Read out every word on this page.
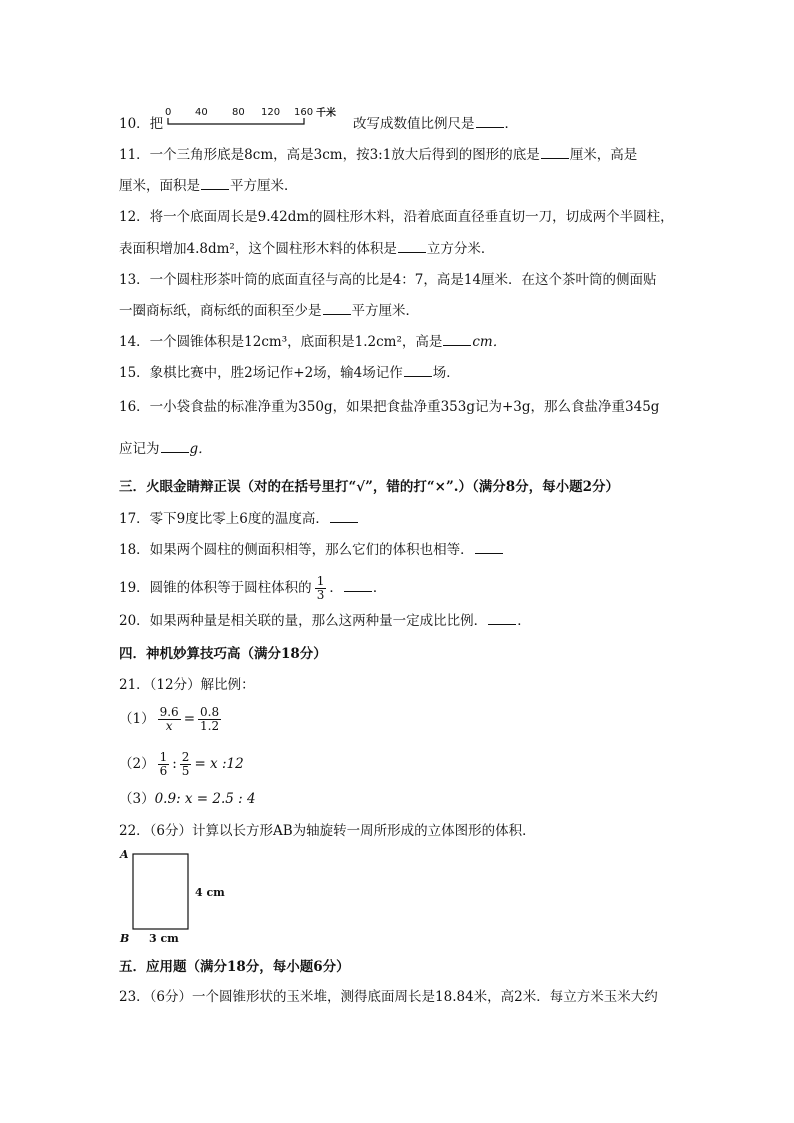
10．把
0 40 80 120 160 千米
改写成数值比例尺是 ．
11．一个三角形底是8cm，高是3cm，按3:1放大后得到的图形的底是 厘米，高是
厘米，面积是 平方厘米．
12．将一个底面周长是9.42dm的圆柱形木料，沿着底面直径垂直切一刀，切成两个半圆柱，
表面积增加4.8dm²，这个圆柱形木料的体积是 立方分米．
13．一个圆柱形茶叶筒的底面直径与高的比是4：7，高是14厘米．在这个茶叶筒的侧面贴
一圈商标纸，商标纸的面积至少是 平方厘米．
14．一个圆锥体积是12cm³，底面积是1.2cm²，高是 cm．
15．象棋比赛中，胜2场记作+2场，输4场记作 场．
16．一小袋食盐的标准净重为350g，如果把食盐净重353g记为+3g，那么食盐净重345g
应记为 g．
三．火眼金睛辩正误（对的在括号里打“√”，错的打“×”.）（满分8分，每小题2分）
17．零下9度比零上6度的温度高．
18．如果两个圆柱的侧面积相等，那么它们的体积也相等．
19．圆锥的体积等于圆柱体积的 $\frac{1}{3}$ ． ．
20．如果两种量是相关联的量，那么这两种量一定成比比例． ．
四．神机妙算技巧高（满分18分）
21．（12分）解比例：
$(1) \frac{9.6}{x} = \frac{0.8}{1.2}$
$(2) \frac{1}{6}$ : $\frac{2}{5} = x$ :12
（3）0.9: x = 2.5 : 4
22．（6分）计算以长方形AB为轴旋转一周所形成的立体图形的体积．
A
B
4 cm
3 cm
五．应用题（满分18分，每小题6分）
23．（6分）一个圆锥形状的玉米堆，测得底面周长是18.84米，高2米．每立方米玉米大约
